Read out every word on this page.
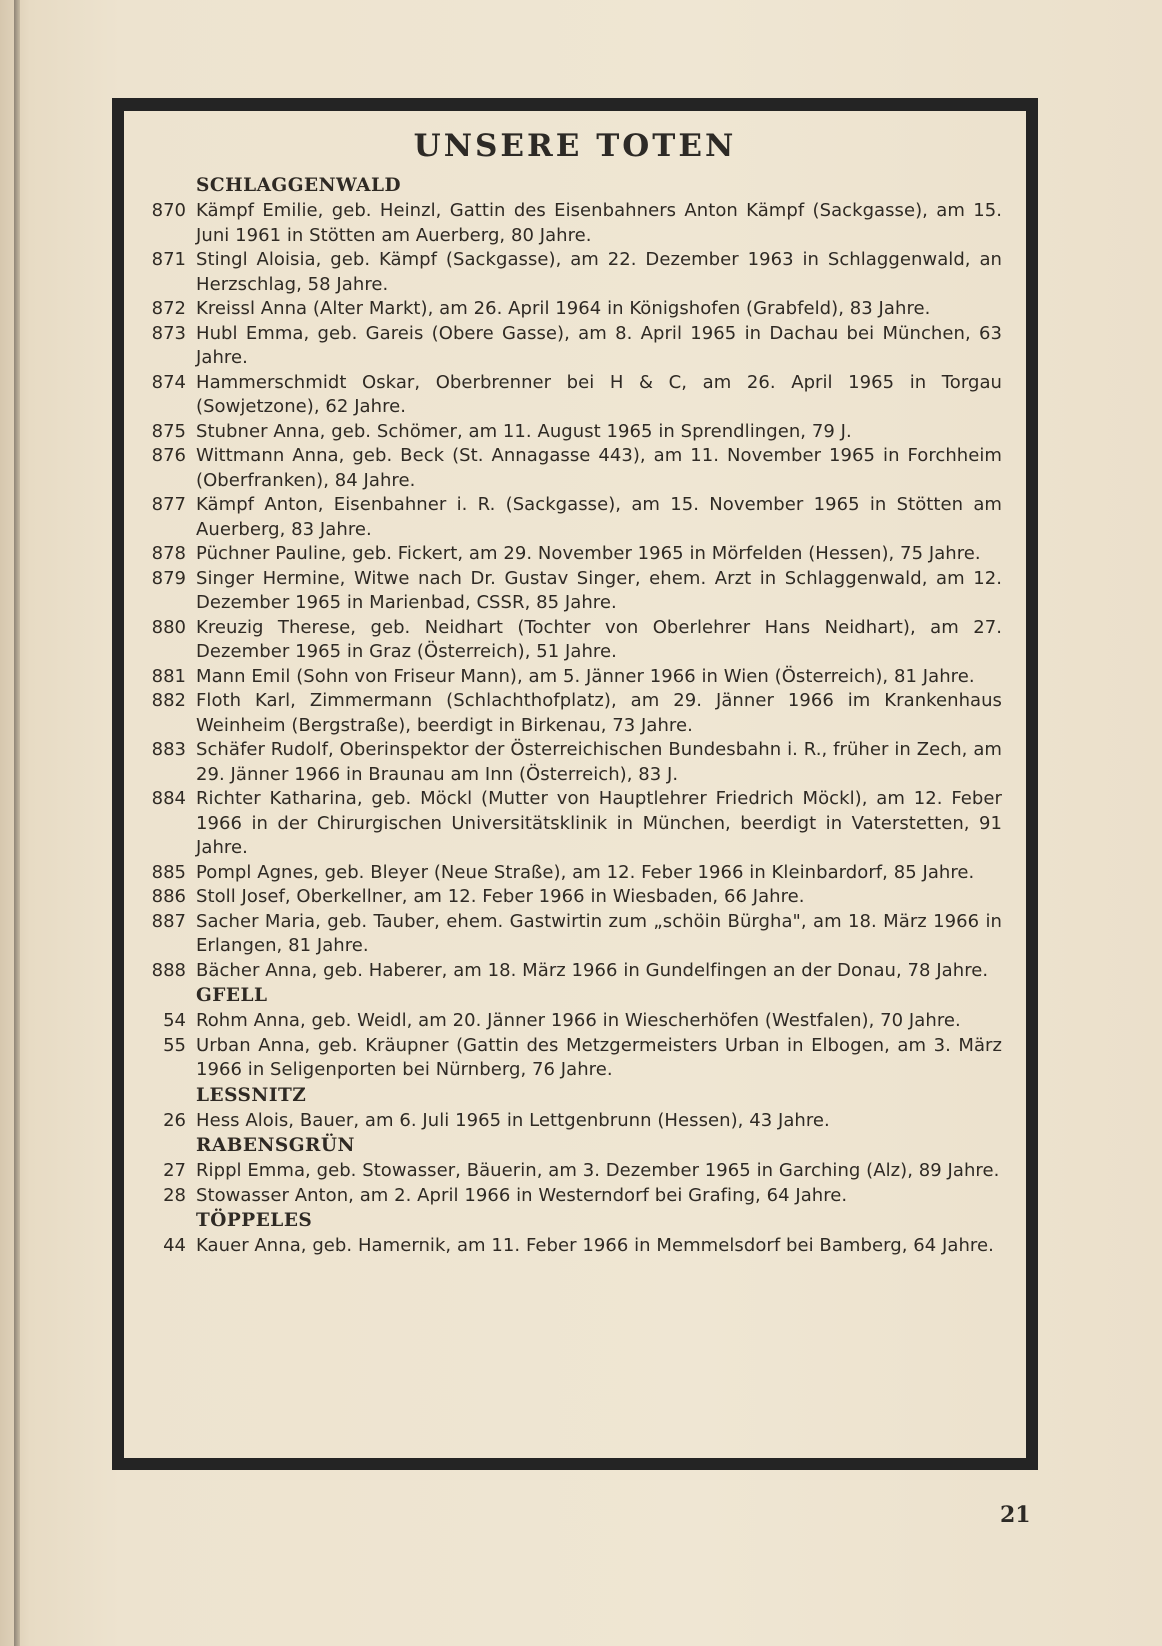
UNSERE TOTEN
SCHLAGGENWALD
870 Kämpf Emilie, geb. Heinzl, Gattin des Eisenbahners Anton Kämpf (Sackgasse), am 15. Juni 1961 in Stötten am Auerberg, 80 Jahre.
871 Stingl Aloisia, geb. Kämpf (Sackgasse), am 22. Dezember 1963 in Schlaggenwald, an Herzschlag, 58 Jahre.
872 Kreissl Anna (Alter Markt), am 26. April 1964 in Königshofen (Grabfeld), 83 Jahre.
873 Hubl Emma, geb. Gareis (Obere Gasse), am 8. April 1965 in Dachau bei München, 63 Jahre.
874 Hammerschmidt Oskar, Oberbrenner bei H & C, am 26. April 1965 in Torgau (Sowjetzone), 62 Jahre.
875 Stubner Anna, geb. Schömer, am 11. August 1965 in Sprendlingen, 79 J.
876 Wittmann Anna, geb. Beck (St. Annagasse 443), am 11. November 1965 in Forchheim (Oberfranken), 84 Jahre.
877 Kämpf Anton, Eisenbahner i. R. (Sackgasse), am 15. November 1965 in Stötten am Auerberg, 83 Jahre.
878 Püchner Pauline, geb. Fickert, am 29. November 1965 in Mörfelden (Hessen), 75 Jahre.
879 Singer Hermine, Witwe nach Dr. Gustav Singer, ehem. Arzt in Schlaggenwald, am 12. Dezember 1965 in Marienbad, CSSR, 85 Jahre.
880 Kreuzig Therese, geb. Neidhart (Tochter von Oberlehrer Hans Neidhart), am 27. Dezember 1965 in Graz (Österreich), 51 Jahre.
881 Mann Emil (Sohn von Friseur Mann), am 5. Jänner 1966 in Wien (Österreich), 81 Jahre.
882 Floth Karl, Zimmermann (Schlachthofplatz), am 29. Jänner 1966 im Krankenhaus Weinheim (Bergstraße), beerdigt in Birkenau, 73 Jahre.
883 Schäfer Rudolf, Oberinspektor der Österreichischen Bundesbahn i. R., früher in Zech, am 29. Jänner 1966 in Braunau am Inn (Österreich), 83 J.
884 Richter Katharina, geb. Möckl (Mutter von Hauptlehrer Friedrich Möckl), am 12. Feber 1966 in der Chirurgischen Universitätsklinik in München, beerdigt in Vaterstetten, 91 Jahre.
885 Pompl Agnes, geb. Bleyer (Neue Straße), am 12. Feber 1966 in Kleinbardorf, 85 Jahre.
886 Stoll Josef, Oberkellner, am 12. Feber 1966 in Wiesbaden, 66 Jahre.
887 Sacher Maria, geb. Tauber, ehem. Gastwirtin zum „schöin Bürgha", am 18. März 1966 in Erlangen, 81 Jahre.
888 Bächer Anna, geb. Haberer, am 18. März 1966 in Gundelfingen an der Donau, 78 Jahre.
GFELL
54 Rohm Anna, geb. Weidl, am 20. Jänner 1966 in Wiescherhöfen (Westfalen), 70 Jahre.
55 Urban Anna, geb. Kräupner (Gattin des Metzgermeisters Urban in Elbogen, am 3. März 1966 in Seligenporten bei Nürnberg, 76 Jahre.
LESSNITZ
26 Hess Alois, Bauer, am 6. Juli 1965 in Lettgenbrunn (Hessen), 43 Jahre.
RABENSGRÜN
27 Rippl Emma, geb. Stowasser, Bäuerin, am 3. Dezember 1965 in Garching (Alz), 89 Jahre.
28 Stowasser Anton, am 2. April 1966 in Westerndorf bei Grafing, 64 Jahre.
TÖPPELES
44 Kauer Anna, geb. Hamernik, am 11. Feber 1966 in Memmelsdorf bei Bamberg, 64 Jahre.
21
